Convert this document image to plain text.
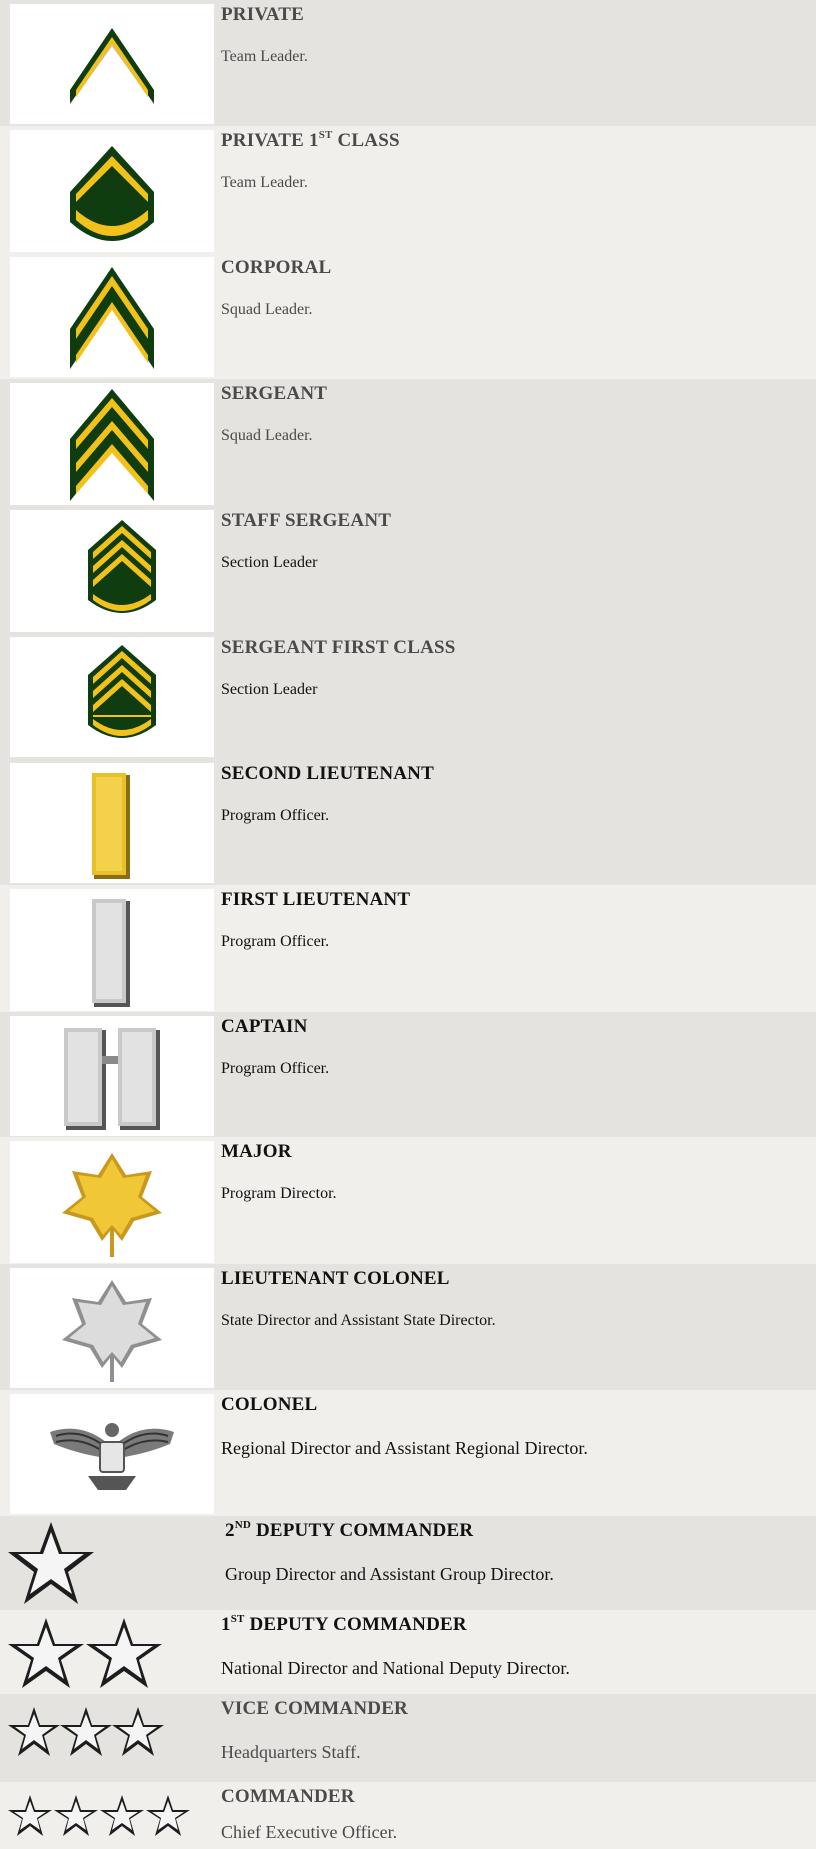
PRIVATE
Team Leader.
PRIVATE 1ST CLASS
Team Leader.
CORPORAL
Squad Leader.
SERGEANT
Squad Leader.
STAFF SERGEANT
Section Leader
SERGEANT FIRST CLASS
Section Leader
SECOND LIEUTENANT
Program Officer.
FIRST LIEUTENANT
Program Officer.
CAPTAIN
Program Officer.
MAJOR
Program Director.
LIEUTENANT COLONEL
State Director and Assistant State Director.
COLONEL
Regional Director and Assistant Regional Director.
2ND DEPUTY COMMANDER
Group Director and Assistant Group Director.
1ST DEPUTY COMMANDER
National Director and National Deputy Director.
VICE COMMANDER
Headquarters Staff.
COMMANDER
Chief Executive Officer.
